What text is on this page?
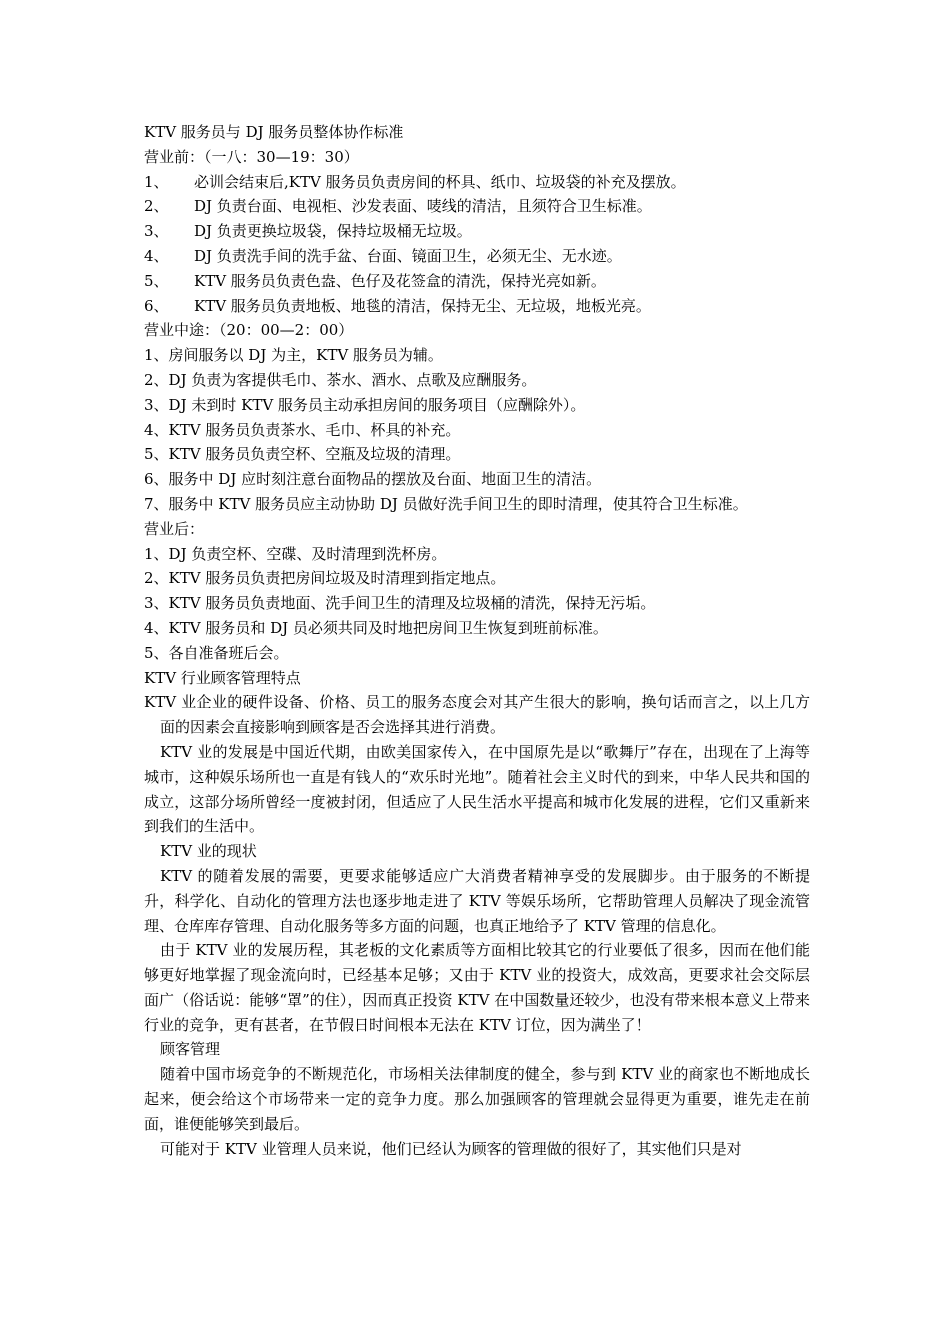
KTV 服务员与 DJ 服务员整体协作标准
营业前：（一八：30—19：30）
1、 必训会结束后,KTV 服务员负责房间的杯具、纸巾、垃圾袋的补充及摆放。
2、 DJ 负责台面、电视柜、沙发表面、唛线的清洁，且须符合卫生标准。
3、 DJ 负责更换垃圾袋，保持垃圾桶无垃圾。
4、 DJ 负责洗手间的洗手盆、台面、镜面卫生，必须无尘、无水迹。
5、 KTV 服务员负责色盎、色仔及花签盒的清洗，保持光亮如新。
6、 KTV 服务员负责地板、地毯的清洁，保持无尘、无垃圾，地板光亮。
营业中途：（20：00—2：00）
1、房间服务以 DJ 为主，KTV 服务员为辅。
2、DJ 负责为客提供毛巾、茶水、酒水、点歌及应酬服务。
3、DJ 未到时 KTV 服务员主动承担房间的服务项目（应酬除外）。
4、KTV 服务员负责茶水、毛巾、杯具的补充。
5、KTV 服务员负责空杯、空瓶及垃圾的清理。
6、服务中 DJ 应时刻注意台面物品的摆放及台面、地面卫生的清洁。
7、服务中 KTV 服务员应主动协助 DJ 员做好洗手间卫生的即时清理，使其符合卫生标准。
营业后：
1、DJ 负责空杯、空碟、及时清理到洗杯房。
2、KTV 服务员负责把房间垃圾及时清理到指定地点。
3、KTV 服务员负责地面、洗手间卫生的清理及垃圾桶的清洗，保持无污垢。
4、KTV 服务员和 DJ 员必须共同及时地把房间卫生恢复到班前标准。
5、各自准备班后会。
KTV 行业顾客管理特点
KTV 业企业的硬件设备、价格、员工的服务态度会对其产生很大的影响，换句话而言之，以上几方面的因素会直接影响到顾客是否会选择其进行消费。
KTV 业的发展是中国近代期，由欧美国家传入，在中国原先是以“歌舞厅”存在，出现在了上海等城市，这种娱乐场所也一直是有钱人的“欢乐时光地”。随着社会主义时代的到来，中华人民共和国的成立，这部分场所曾经一度被封闭，但适应了人民生活水平提高和城市化发展的进程，它们又重新来到我们的生活中。
KTV 业的现状
KTV 的随着发展的需要，更要求能够适应广大消费者精神享受的发展脚步。由于服务的不断提升，科学化、自动化的管理方法也逐步地走进了 KTV 等娱乐场所，它帮助管理人员解决了现金流管理、仓库库存管理、自动化服务等多方面的问题，也真正地给予了 KTV 管理的信息化。
由于 KTV 业的发展历程，其老板的文化素质等方面相比较其它的行业要低了很多，因而在他们能够更好地掌握了现金流向时，已经基本足够；又由于 KTV 业的投资大，成效高，更要求社会交际层面广（俗话说：能够“罩”的住），因而真正投资 KTV 在中国数量还较少，也没有带来根本意义上带来行业的竞争，更有甚者，在节假日时间根本无法在 KTV 订位，因为满坐了！
顾客管理
随着中国市场竞争的不断规范化，市场相关法律制度的健全，参与到 KTV 业的商家也不断地成长起来，便会给这个市场带来一定的竞争力度。那么加强顾客的管理就会显得更为重要，谁先走在前面，谁便能够笑到最后。
可能对于 KTV 业管理人员来说，他们已经认为顾客的管理做的很好了，其实他们只是对
